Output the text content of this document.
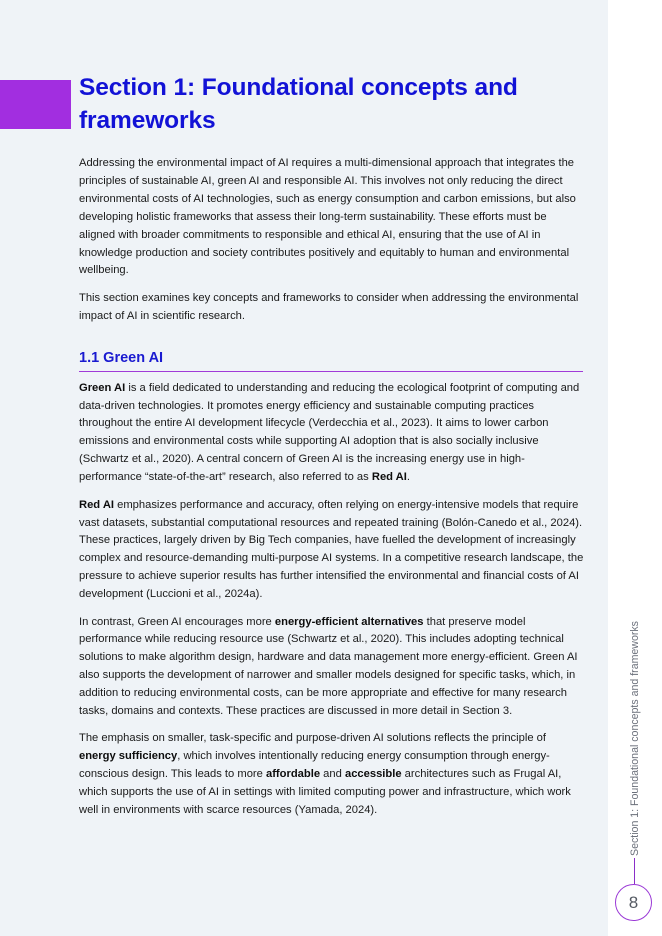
Section 1: Foundational concepts and
frameworks

Addressing the environmental impact of AI requires a multi-dimensional approach that integrates the principles of sustainable AI, green AI and responsible AI. This involves not only reducing the direct environmental costs of AI technologies, such as energy consumption and carbon emissions, but also developing holistic frameworks that assess their long-term sustainability. These efforts must be aligned with broader commitments to responsible and ethical AI, ensuring that the use of AI in knowledge production and society contributes positively and equitably to human and environmental wellbeing.

This section examines key concepts and frameworks to consider when addressing the environmental impact of AI in scientific research.

1.1 Green AI

Green AI is a field dedicated to understanding and reducing the ecological footprint of computing and data-driven technologies. It promotes energy efficiency and sustainable computing practices throughout the entire AI development lifecycle (Verdecchia et al., 2023). It aims to lower carbon emissions and environmental costs while supporting AI adoption that is also socially inclusive (Schwartz et al., 2020). A central concern of Green AI is the increasing energy use in high-performance “state-of-the-art” research, also referred to as Red AI.

Red AI emphasizes performance and accuracy, often relying on energy-intensive models that require vast datasets, substantial computational resources and repeated training (Bolón-Canedo et al., 2024). These practices, largely driven by Big Tech companies, have fuelled the development of increasingly complex and resource-demanding multi-purpose AI systems. In a competitive research landscape, the pressure to achieve superior results has further intensified the environmental and financial costs of AI development (Luccioni et al., 2024a).

In contrast, Green AI encourages more energy-efficient alternatives that preserve model performance while reducing resource use (Schwartz et al., 2020). This includes adopting technical solutions to make algorithm design, hardware and data management more energy-efficient. Green AI also supports the development of narrower and smaller models designed for specific tasks, which, in addition to reducing environmental costs, can be more appropriate and effective for many research tasks, domains and contexts. These practices are discussed in more detail in Section 3.

The emphasis on smaller, task-specific and purpose-driven AI solutions reflects the principle of energy sufficiency, which involves intentionally reducing energy consumption through energy-conscious design. This leads to more affordable and accessible architectures such as Frugal AI, which supports the use of AI in settings with limited computing power and infrastructure, which work well in environments with scarce resources (Yamada, 2024).	Section 1: Foundational concepts and frameworks
8
